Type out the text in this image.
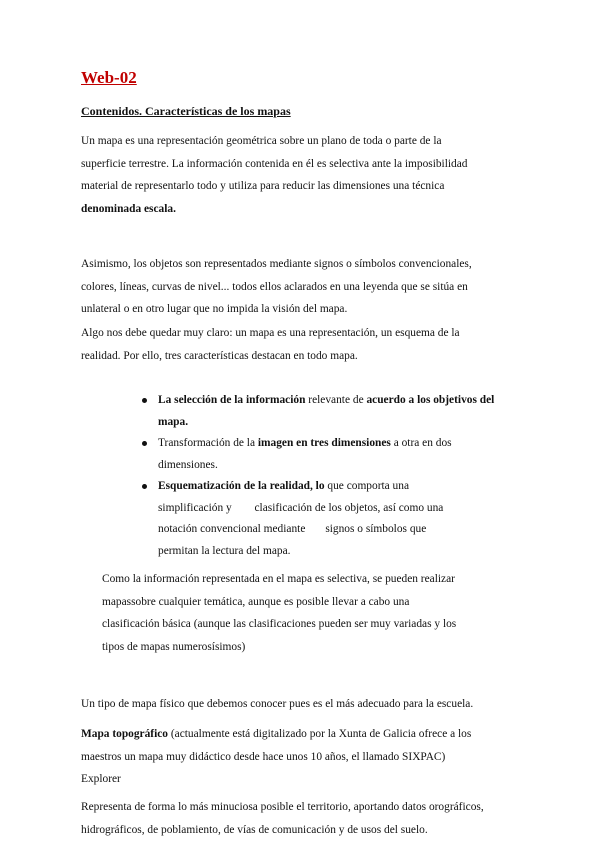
Web-02
Contenidos. Características de los mapas

Un mapa es una representación geométrica sobre un plano de toda o parte de la
superficie terrestre. La información contenida en él es selectiva ante la imposibilidad
material de representarlo todo y utiliza para reducir las dimensiones una técnica
denominada escala.

Asimismo, los objetos son representados mediante signos o símbolos convencionales,
colores, líneas, curvas de nivel... todos ellos aclarados en una leyenda que se sitúa en
unlateral o en otro lugar que no impida la visión del mapa.

Algo nos debe quedar muy claro: un mapa es una representación, un esquema de la
realidad. Por ello, tres características destacan en todo mapa.

La selección de la información relevante de acuerdo a los objetivos del
mapa.
Transformación de la imagen en tres dimensiones a otra en dos
dimensiones.
Esquematización de la realidad, lo que comporta una
simplificación y        clasificación de los objetos, así como una
notación convencional mediante       signos o símbolos que
permitan la lectura del mapa.

Como la información representada en el mapa es selectiva, se pueden realizar
mapassobre cualquier temática, aunque es posible llevar a cabo una
clasificación básica (aunque las clasificaciones pueden ser muy variadas y los
tipos de mapas numerosísimos)

Un tipo de mapa físico que debemos conocer pues es el más adecuado para la escuela.

Mapa topográfico (actualmente está digitalizado por la Xunta de Galicia ofrece a los
maestros un mapa muy didáctico desde hace unos 10 años, el llamado SIXPAC)
Explorer

Representa de forma lo más minuciosa posible el territorio, aportando datos orográficos,
hidrográficos, de poblamiento, de vías de comunicación y de usos del suelo.
